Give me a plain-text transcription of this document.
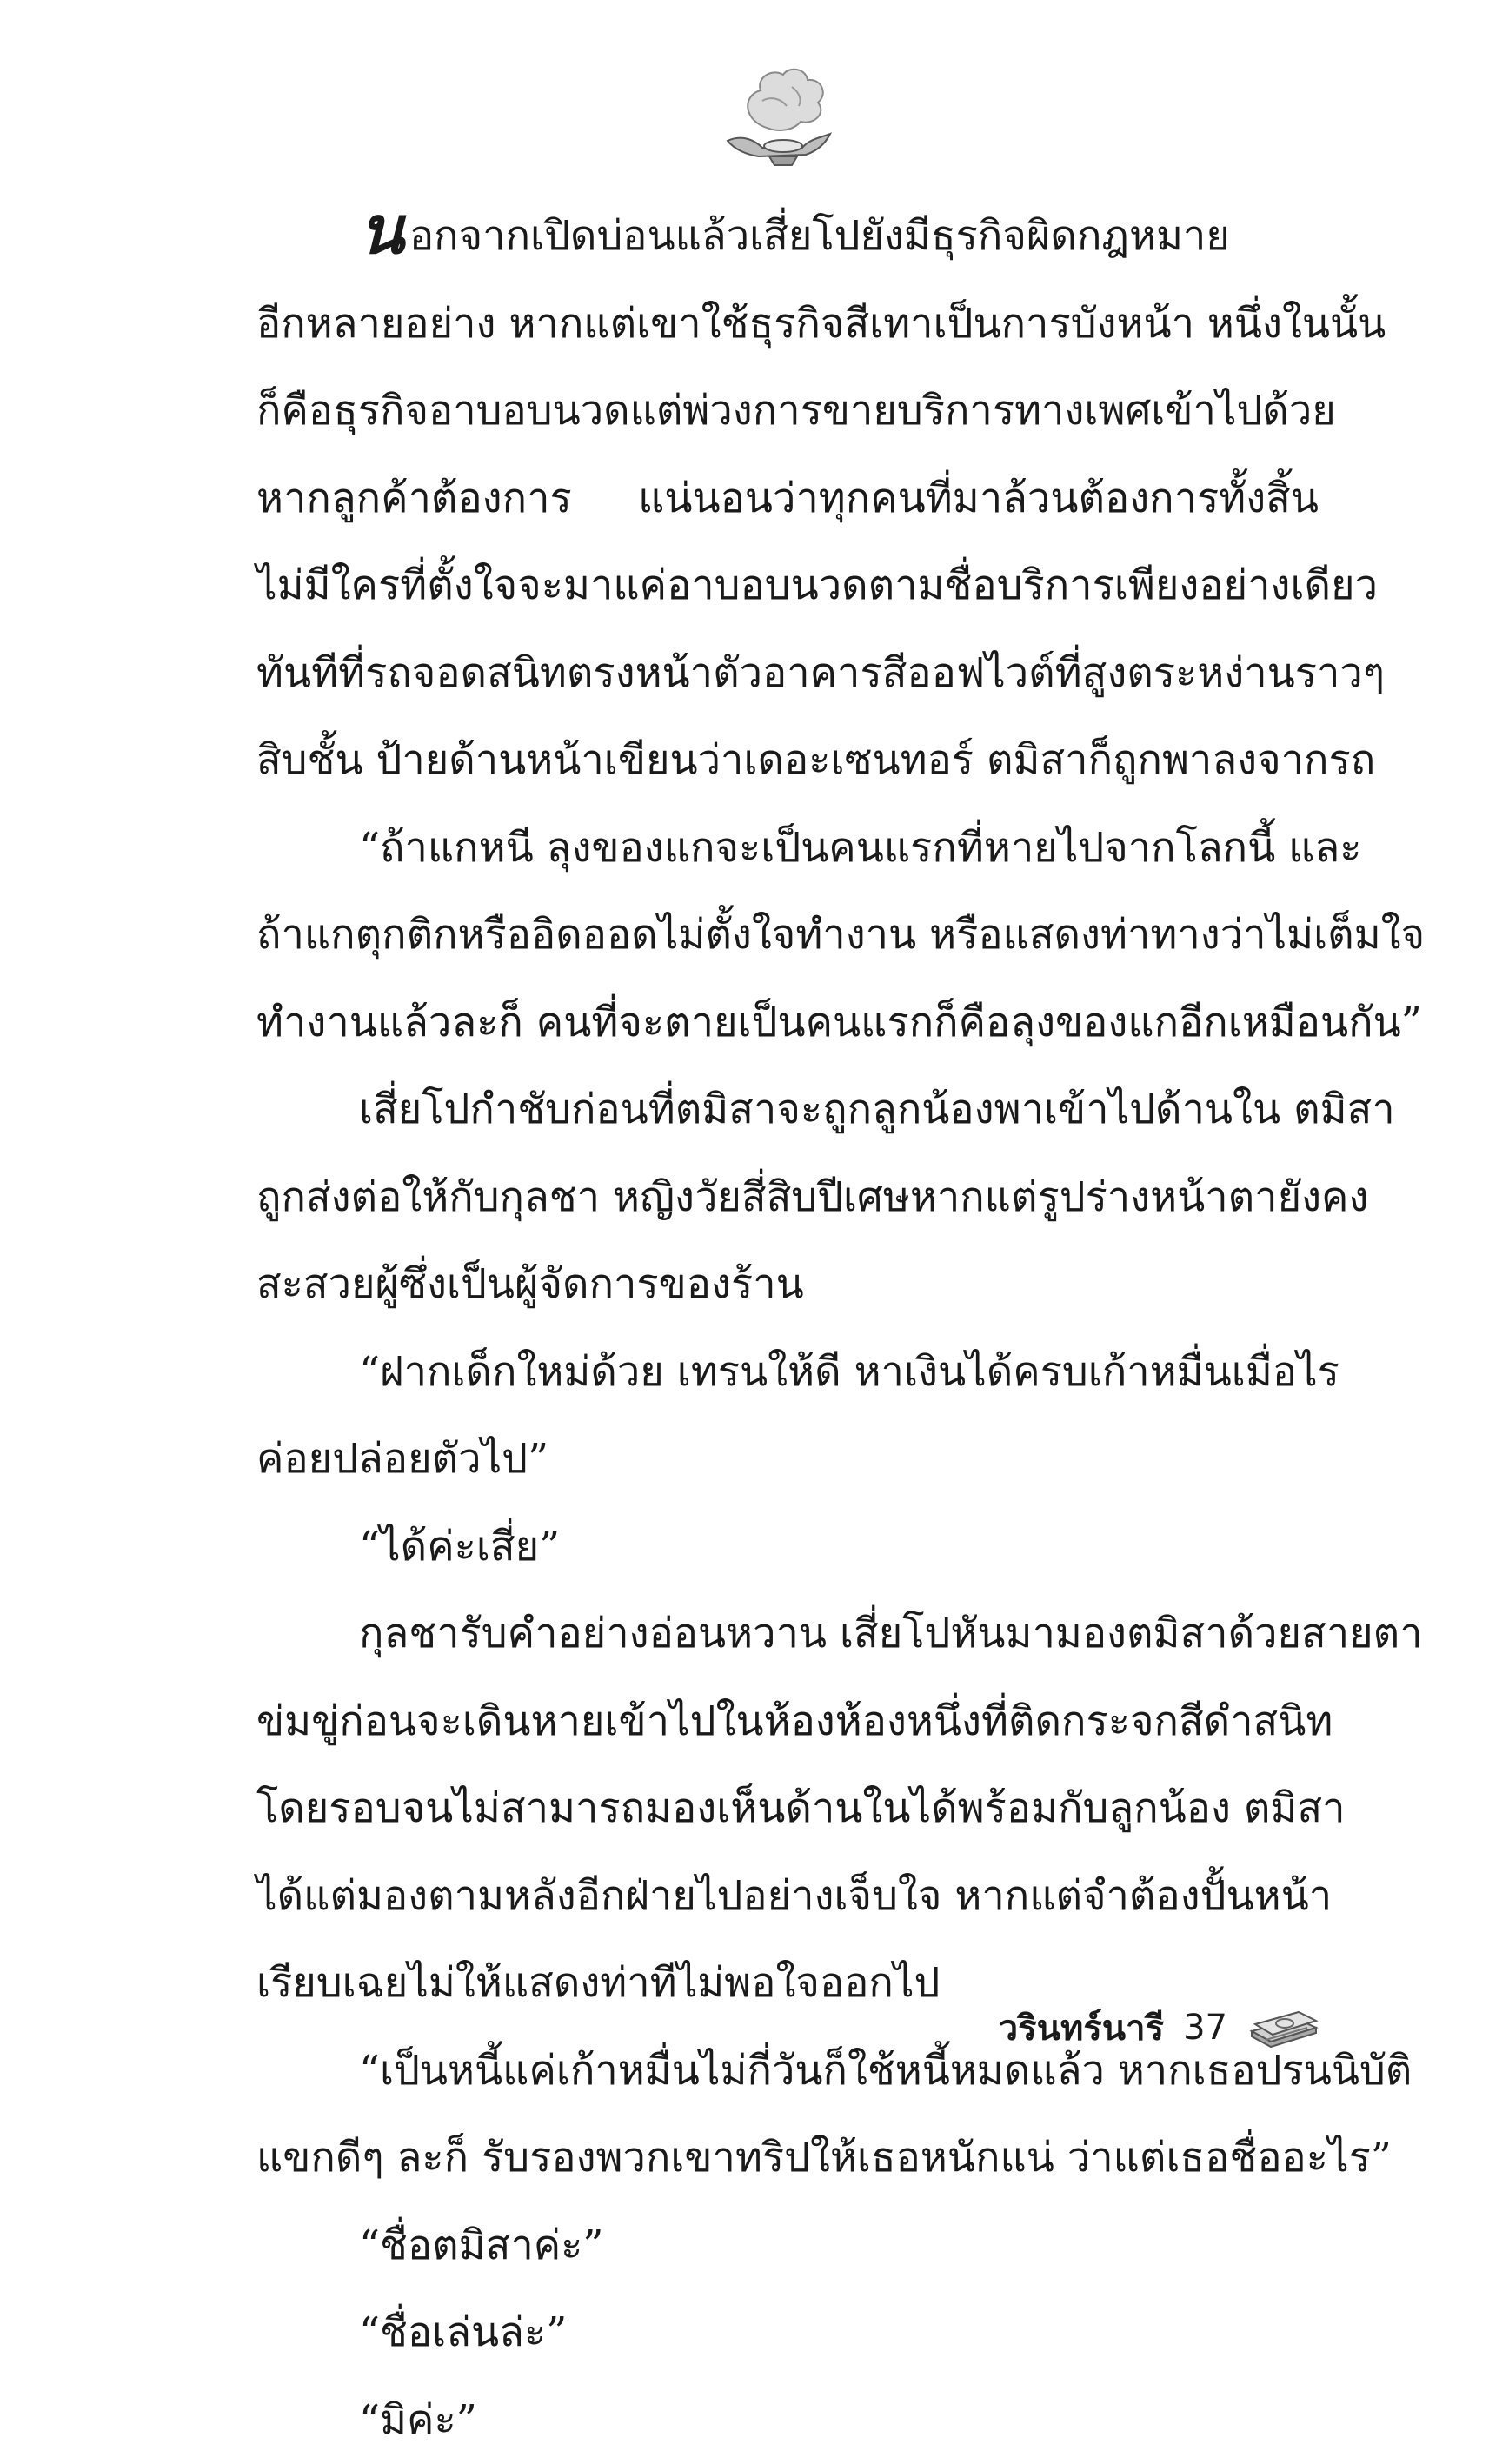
นอกจากเปิดบ่อนแล้วเสี่ยโปยังมีธุรกิจผิดกฎหมาย
อีกหลายอย่าง หากแต่เขาใช้ธุรกิจสีเทาเป็นการบังหน้า หนึ่งในนั้น
ก็คือธุรกิจอาบอบนวดแต่พ่วงการขายบริการทางเพศเข้าไปด้วย
หากลูกค้าต้องการ แน่นอนว่าทุกคนที่มาล้วนต้องการทั้งสิ้น
ไม่มีใครที่ตั้งใจจะมาแค่อาบอบนวดตามชื่อบริการเพียงอย่างเดียว
ทันทีที่รถจอดสนิทตรงหน้าตัวอาคารสีออฟไวต์ที่สูงตระหง่านราวๆ
สิบชั้น ป้ายด้านหน้าเขียนว่าเดอะเซนทอร์ ตมิสาก็ถูกพาลงจากรถ
“ถ้าแกหนี ลุงของแกจะเป็นคนแรกที่หายไปจากโลกนี้ และ
ถ้าแกตุกติกหรืออิดออดไม่ตั้งใจทำงาน หรือแสดงท่าทางว่าไม่เต็มใจ
ทำงานแล้วละก็ คนที่จะตายเป็นคนแรกก็คือลุงของแกอีกเหมือนกัน”
เสี่ยโปกำชับก่อนที่ตมิสาจะถูกลูกน้องพาเข้าไปด้านใน ตมิสา
ถูกส่งต่อให้กับกุลชา หญิงวัยสี่สิบปีเศษหากแต่รูปร่างหน้าตายังคง
สะสวยผู้ซึ่งเป็นผู้จัดการของร้าน
“ฝากเด็กใหม่ด้วย เทรนให้ดี หาเงินได้ครบเก้าหมื่นเมื่อไร
ค่อยปล่อยตัวไป”
“ได้ค่ะเสี่ย”
กุลชารับคำอย่างอ่อนหวาน เสี่ยโปหันมามองตมิสาด้วยสายตา
ข่มขู่ก่อนจะเดินหายเข้าไปในห้องห้องหนึ่งที่ติดกระจกสีดำสนิท
โดยรอบจนไม่สามารถมองเห็นด้านในได้พร้อมกับลูกน้อง ตมิสา
ได้แต่มองตามหลังอีกฝ่ายไปอย่างเจ็บใจ หากแต่จำต้องปั้นหน้า
เรียบเฉยไม่ให้แสดงท่าทีไม่พอใจออกไป
“เป็นหนี้แค่เก้าหมื่นไม่กี่วันก็ใช้หนี้หมดแล้ว หากเธอปรนนิบัติ
แขกดีๆ ละก็ รับรองพวกเขาทริปให้เธอหนักแน่ ว่าแต่เธอชื่ออะไร”
“ชื่อตมิสาค่ะ”
“ชื่อเล่นล่ะ”
“มิค่ะ”
วรินทร์นารี 37
